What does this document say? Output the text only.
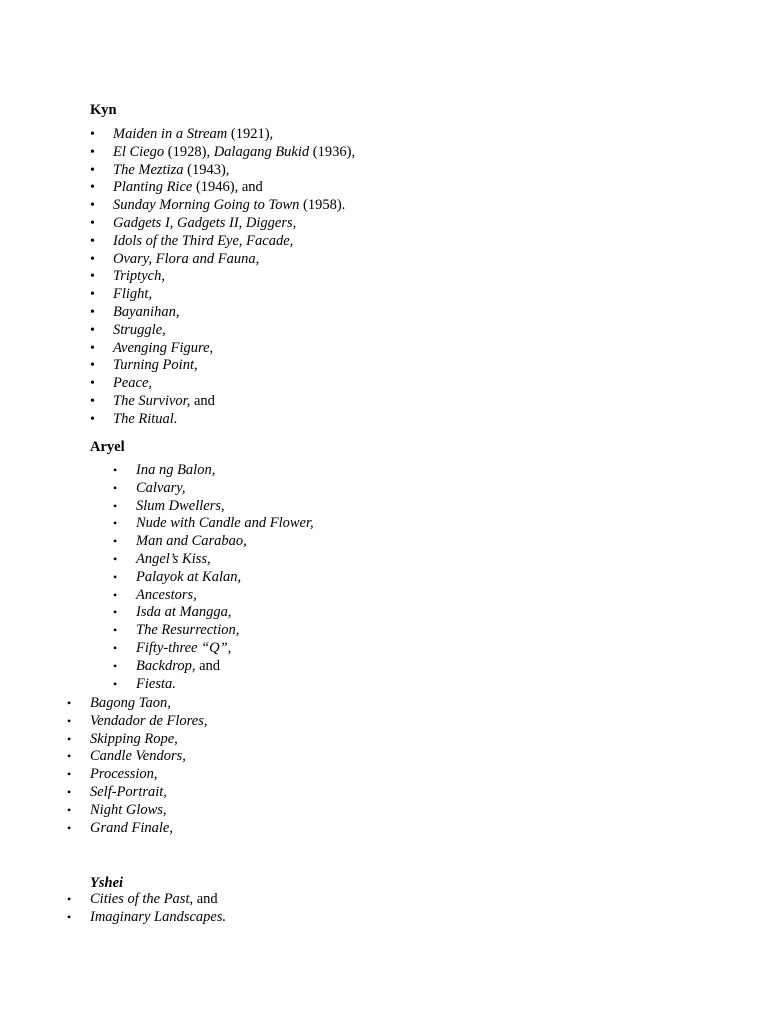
Kyn
• Maiden in a Stream (1921),
• El Ciego (1928), Dalagang Bukid (1936),
• The Meztiza (1943),
• Planting Rice (1946), and
• Sunday Morning Going to Town (1958).
• Gadgets I, Gadgets II, Diggers,
• Idols of the Third Eye, Facade,
• Ovary, Flora and Fauna,
• Triptych,
• Flight,
• Bayanihan,
• Struggle,
• Avenging Figure,
• Turning Point,
• Peace,
• The Survivor, and
• The Ritual.
Aryel
• Ina ng Balon,
• Calvary,
• Slum Dwellers,
• Nude with Candle and Flower,
• Man and Carabao,
• Angel’s Kiss,
• Palayok at Kalan,
• Ancestors,
• Isda at Mangga,
• The Resurrection,
• Fifty-three “Q”,
• Backdrop, and
• Fiesta.
• Bagong Taon,
• Vendador de Flores,
• Skipping Rope,
• Candle Vendors,
• Procession,
• Self-Portrait,
• Night Glows,
• Grand Finale,
Yshei
• Cities of the Past, and
• Imaginary Landscapes.
